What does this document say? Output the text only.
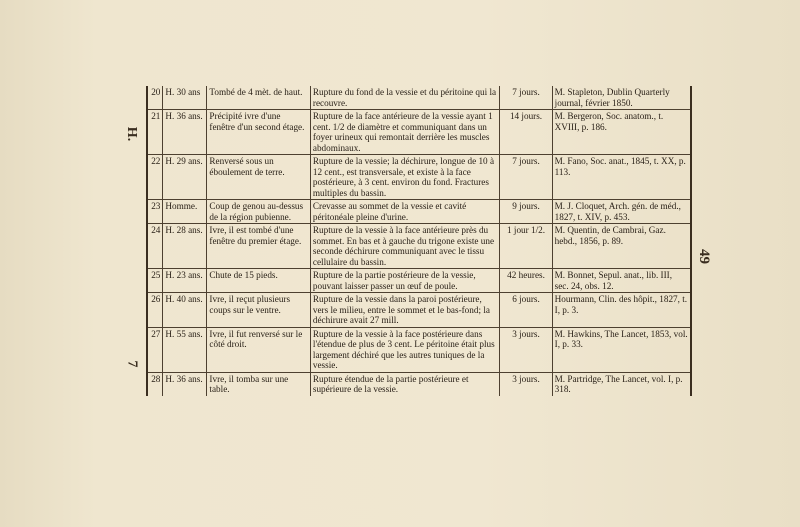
H.
7
49
20	H. 30 ans	Tombé de 4 mèt. de haut.	Rupture du fond de la vessie et du péritoine qui la recouvre.	7 jours.	M. Stapleton, Dublin Quarterly journal, février 1850.

21	H. 36 ans.	Précipité ivre d'une fenêtre d'un second étage.	Rupture de la face antérieure de la vessie ayant 1 cent. 1/2 de diamètre et communiquant dans un foyer urineux qui remontait derrière les muscles abdominaux.	14 jours.	M. Bergeron, Soc. anatom., t. XVIII, p. 186.

22	H. 29 ans.	Renversé sous un éboulement de terre.	Rupture de la vessie; la déchirure, longue de 10 à 12 cent., est transversale, et existe à la face postérieure, à 3 cent. environ du fond. Fractures multiples du bassin.	7 jours.	M. Fano, Soc. anat., 1845, t. XX, p. 113.

23	Homme.	Coup de genou au-dessus de la région pubienne.	Crevasse au sommet de la vessie et cavité péritonéale pleine d'urine.	9 jours.	M. J. Cloquet, Arch. gén. de méd., 1827, t. XIV, p. 453.

24	H. 28 ans.	Ivre, il est tombé d'une fenêtre du premier étage.	Rupture de la vessie à la face antérieure près du sommet. En bas et à gauche du trigone existe une seconde déchirure communiquant avec le tissu cellulaire du bassin.	1 jour 1/2.	M. Quentin, de Cambrai, Gaz. hebd., 1856, p. 89.

25	H. 23 ans.	Chute de 15 pieds.	Rupture de la partie postérieure de la vessie, pouvant laisser passer un œuf de poule.	42 heures.	M. Bonnet, Sepul. anat., lib. III, sec. 24, obs. 12.

26	H. 40 ans.	Ivre, il reçut plusieurs coups sur le ventre.	Rupture de la vessie dans la paroi postérieure, vers le milieu, entre le sommet et le bas-fond; la déchirure avait 27 mill.	6 jours.	Hourmann, Clin. des hôpit., 1827, t. I, p. 3.

27	H. 55 ans.	Ivre, il fut renversé sur le côté droit.	Rupture de la vessie à la face postérieure dans l'étendue de plus de 3 cent. Le péritoine était plus largement déchiré que les autres tuniques de la vessie.	3 jours.	M. Hawkins, The Lancet, 1853, vol. I, p. 33.

28	H. 36 ans.	Ivre, il tomba sur une table.	Rupture étendue de la partie postérieure et supérieure de la vessie.	3 jours.	M. Partridge, The Lancet, vol. I, p. 318.
